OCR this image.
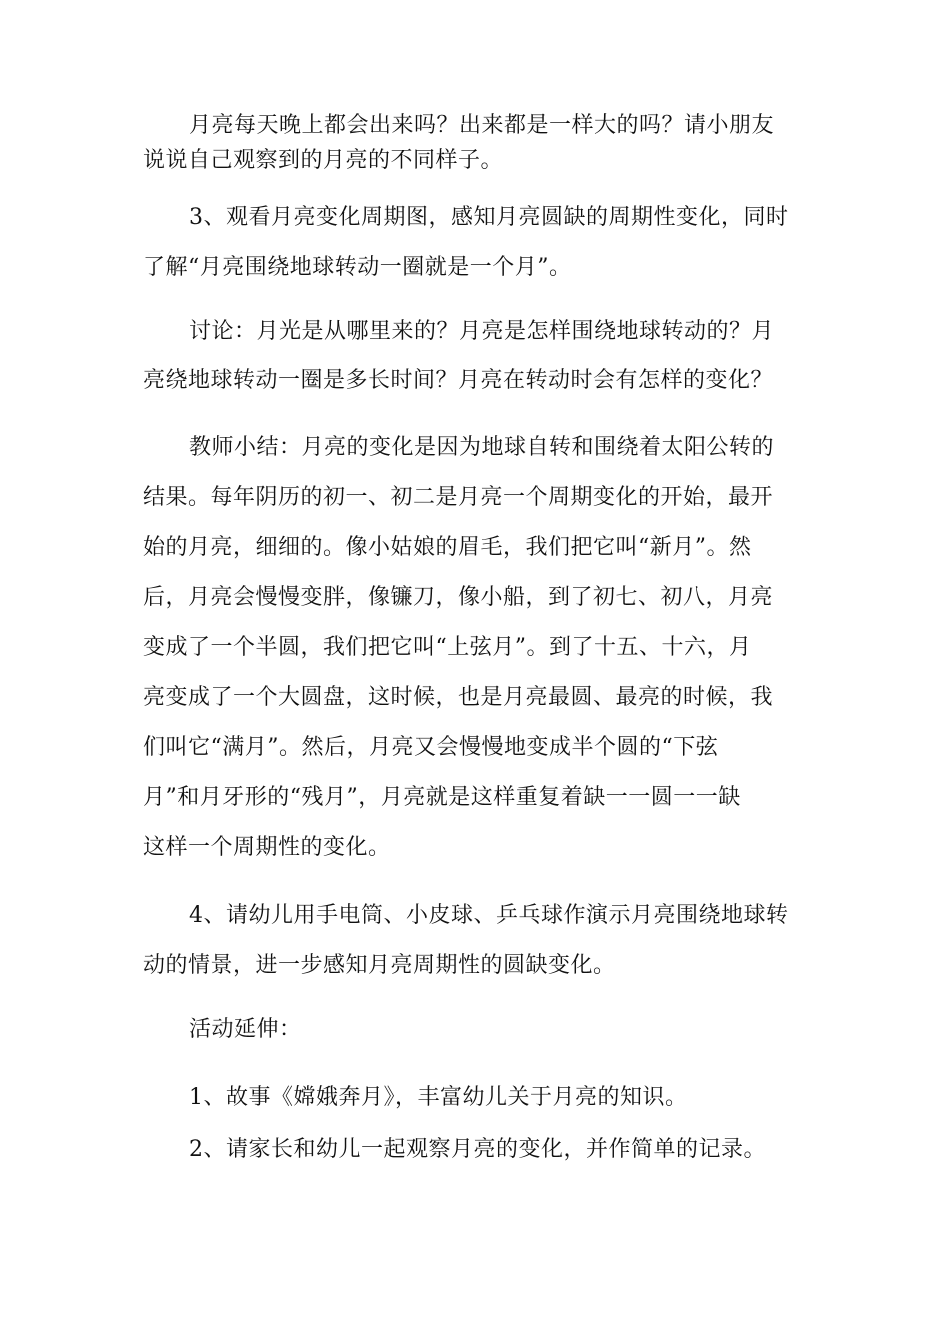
月亮每天晚上都会出来吗？出来都是一样大的吗？请小朋友
说说自己观察到的月亮的不同样子。
3、观看月亮变化周期图，感知月亮圆缺的周期性变化，同时
了解“月亮围绕地球转动一圈就是一个月”。
讨论：月光是从哪里来的？月亮是怎样围绕地球转动的？月
亮绕地球转动一圈是多长时间？月亮在转动时会有怎样的变化？
教师小结：月亮的变化是因为地球自转和围绕着太阳公转的
结果。每年阴历的初一、初二是月亮一个周期变化的开始，最开
始的月亮，细细的。像小姑娘的眉毛，我们把它叫“新月”。然
后，月亮会慢慢变胖，像镰刀，像小船，到了初七、初八，月亮
变成了一个半圆，我们把它叫“上弦月”。到了十五、十六，月
亮变成了一个大圆盘，这时候，也是月亮最圆、最亮的时候，我
们叫它“满月”。然后，月亮又会慢慢地变成半个圆的“下弦
月”和月牙形的“残月”，月亮就是这样重复着缺一一圆一一缺
这样一个周期性的变化。
4、请幼儿用手电筒、小皮球、乒乓球作演示月亮围绕地球转
动的情景，进一步感知月亮周期性的圆缺变化。
活动延伸：
1、故事《嫦娥奔月》，丰富幼儿关于月亮的知识。
2、请家长和幼儿一起观察月亮的变化，并作简单的记录。
